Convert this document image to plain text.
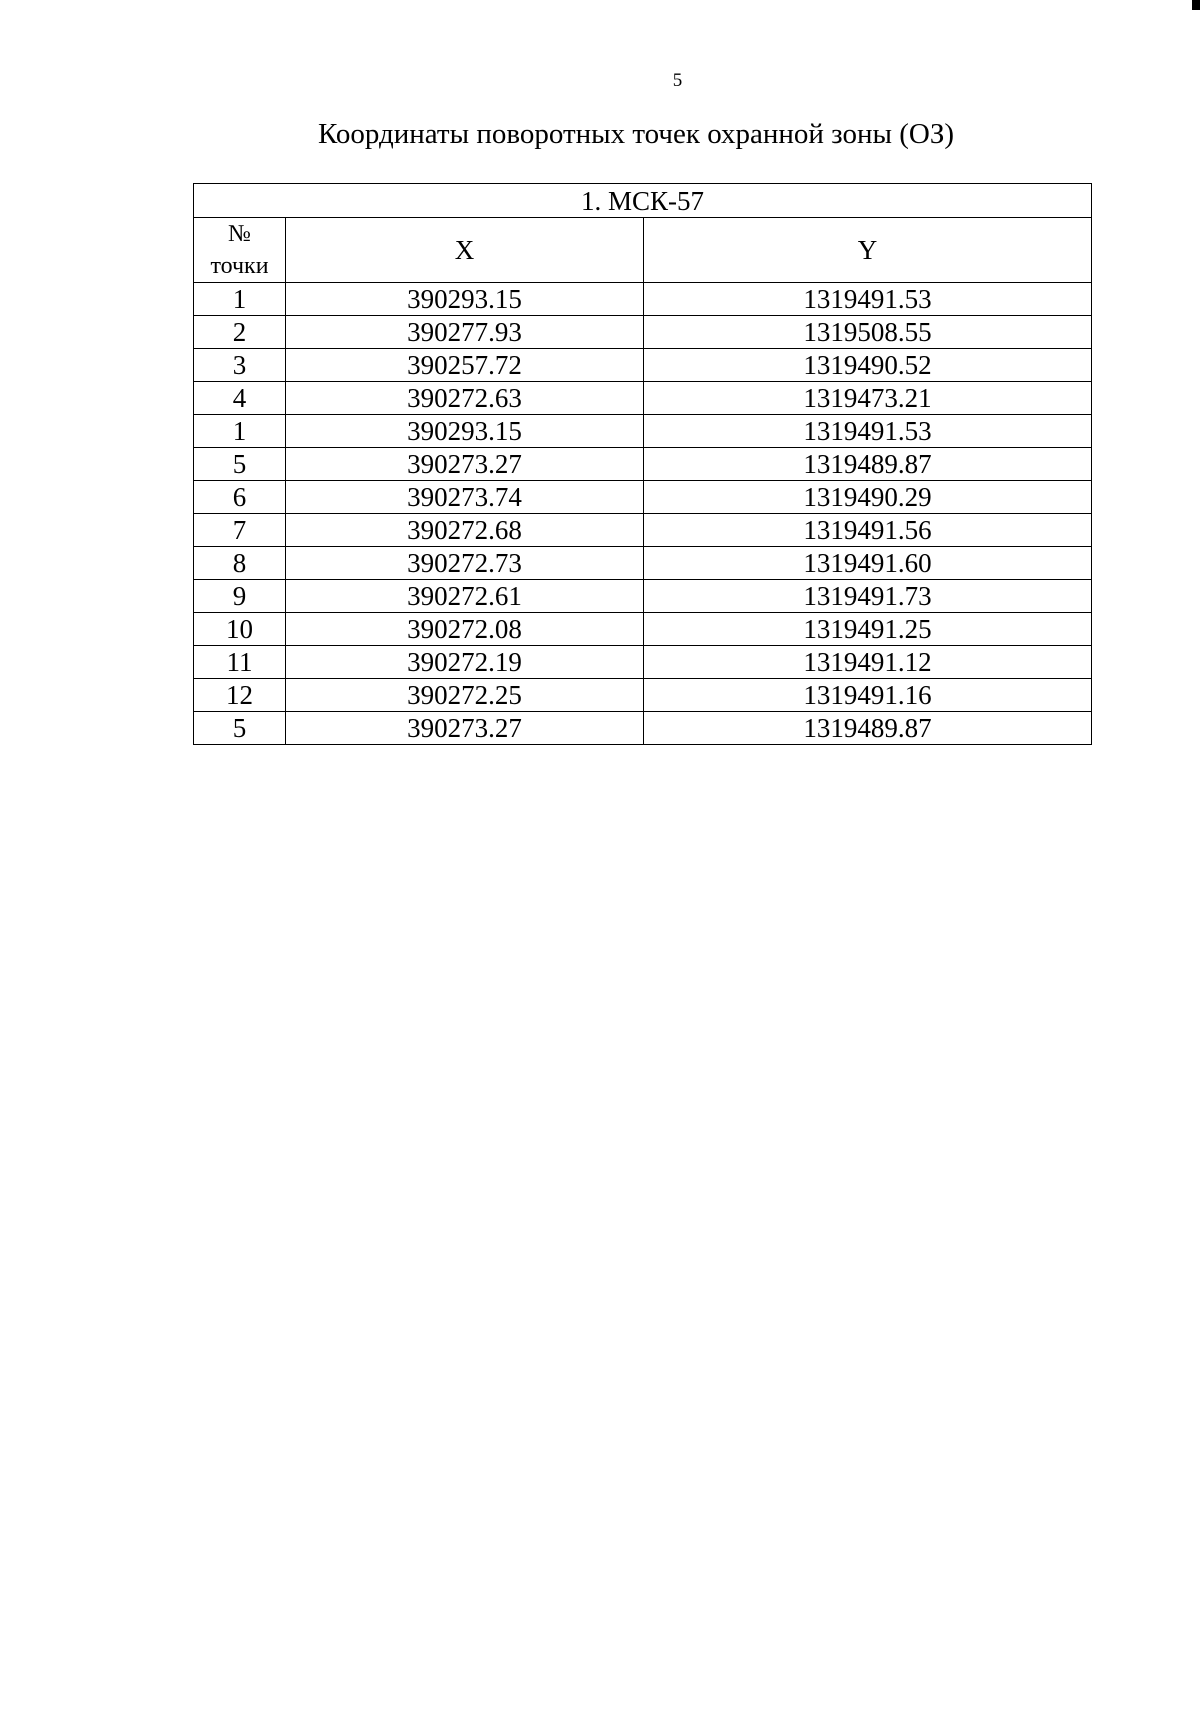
5
Координаты поворотных точек охранной зоны (ОЗ)
1. МСК-57		

№
точки	X	Y
1	390293.15	1319491.53
2	390277.93	1319508.55
3	390257.72	1319490.52
4	390272.63	1319473.21
1	390293.15	1319491.53
5	390273.27	1319489.87
6	390273.74	1319490.29
7	390272.68	1319491.56
8	390272.73	1319491.60
9	390272.61	1319491.73
10	390272.08	1319491.25
11	390272.19	1319491.12
12	390272.25	1319491.16
5	390273.27	1319489.87
